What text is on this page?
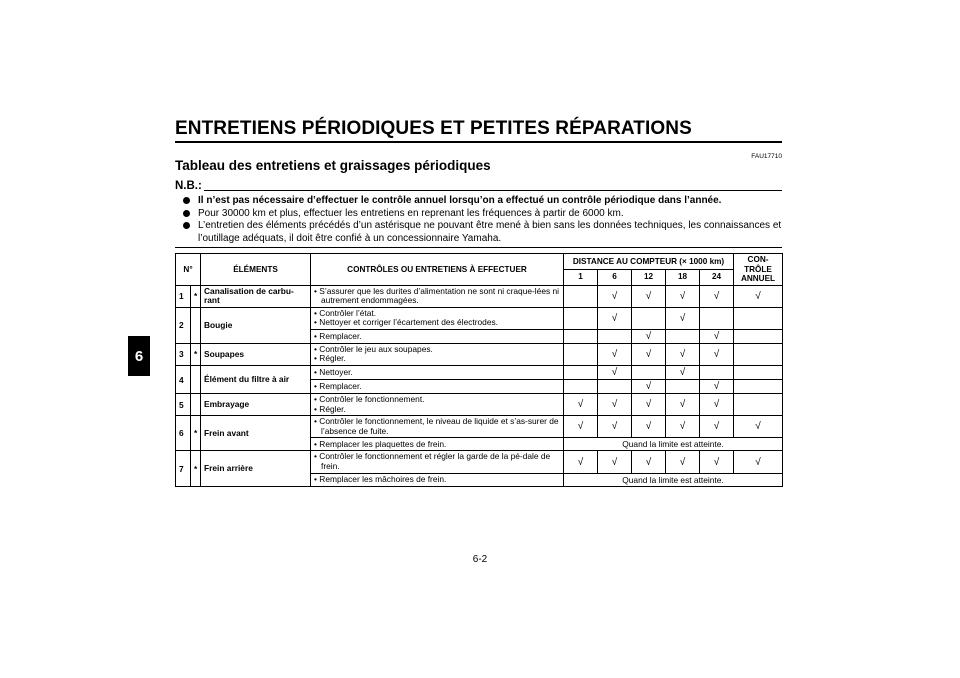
6
ENTRETIENS PÉRIODIQUES ET PETITES RÉPARATIONS
FAU17710
Tableau des entretiens et graissages périodiques
N.B.:
Il n’est pas nécessaire d’effectuer le contrôle annuel lorsqu’on a effectué un contrôle périodique dans l’année.
Pour 30000 km et plus, effectuer les entretiens en reprenant les fréquences à partir de 6000 km.
L’entretien des éléments précédés d’un astérisque ne pouvant être mené à bien sans les données techniques, les connaissances et l’outillage adéquats, il doit être confié à un concessionnaire Yamaha.
N°		ÉLÉMENTS	CONTRÔLES OU ENTRETIENS À EFFECTUER	DISTANCE AU COMPTEUR (× 1000 km)					CON-TRÔLE ANNUEL
				1	6	12	18	24	
1	*	Canalisation de carbu-rant	• S’assurer que les durites d’alimentation ne sont ni craque-lées ni autrement endommagées.		√	√	√	√	√
2		Bougie	• Contrôler l’état.
• Nettoyer et corriger l’écartement des électrodes.		√		√		

			• Remplacer.			√		√	
3	*	Soupapes	• Contrôler le jeu aux soupapes.
• Régler.		√	√	√	√	
4		Élément du filtre à air	• Nettoyer.		√		√		

			• Remplacer.			√		√	
5		Embrayage	• Contrôler le fonctionnement.
• Régler.	√	√	√	√	√	
6	*	Frein avant	• Contrôler le fonctionnement, le niveau de liquide et s’as-surer de l’absence de fuite.	√	√	√	√	√	√

			• Remplacer les plaquettes de frein.	Quand la limite est atteinte.					
7	*	Frein arrière	• Contrôler le fonctionnement et régler la garde de la pé-dale de frein.	√	√	√	√	√	√

			• Remplacer les mâchoires de frein.	Quand la limite est atteinte.					
6-2
